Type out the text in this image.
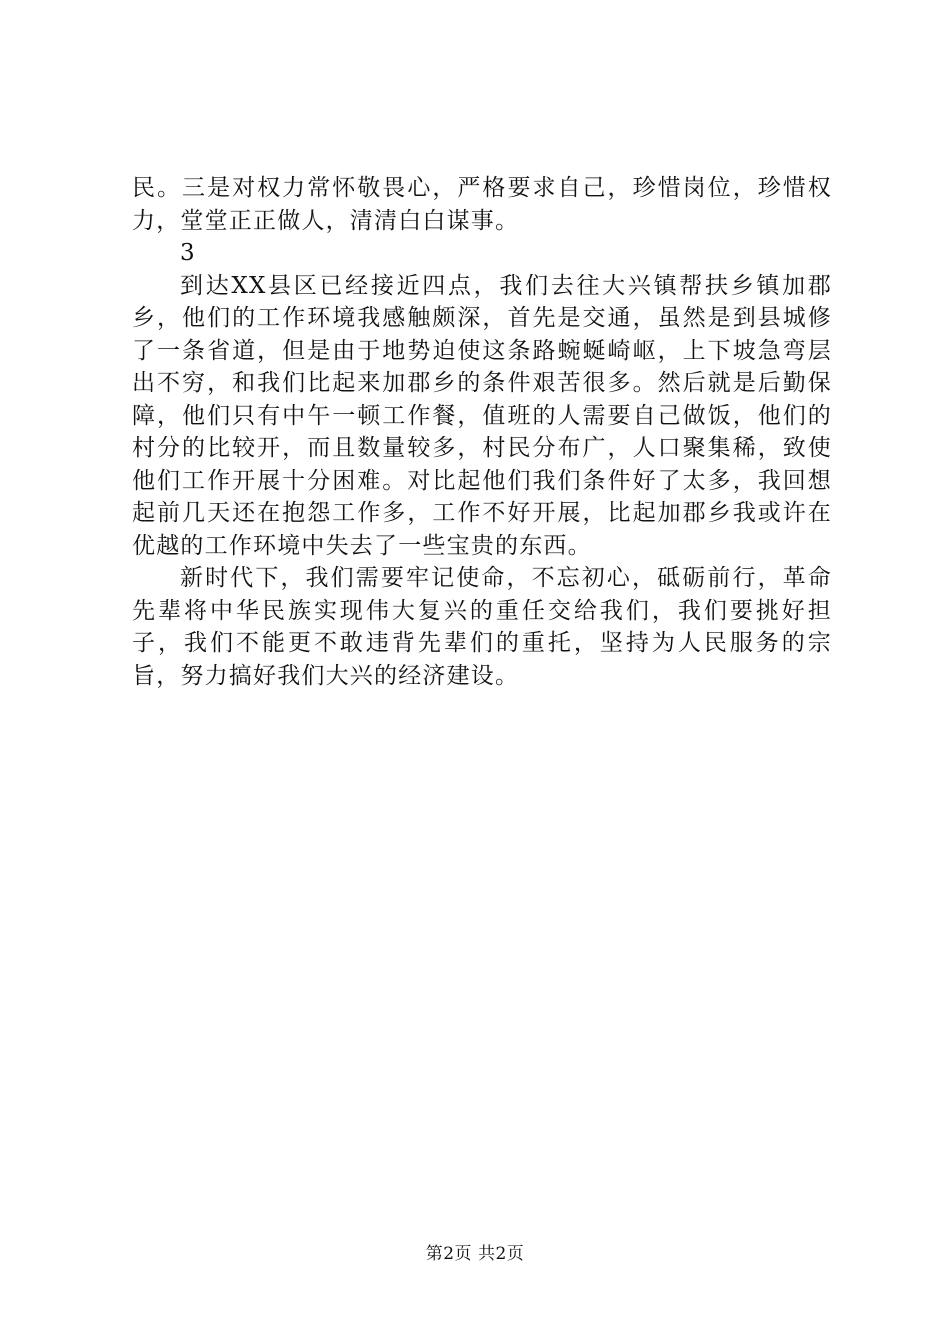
民。三是对权力常怀敬畏心，严格要求自己，珍惜岗位，珍惜权力，堂堂正正做人，清清白白谋事。

3

到达XX县区已经接近四点，我们去往大兴镇帮扶乡镇加郡乡，他们的工作环境我感触颇深，首先是交通，虽然是到县城修了一条省道，但是由于地势迫使这条路蜿蜒崎岖，上下坡急弯层出不穷，和我们比起来加郡乡的条件艰苦很多。然后就是后勤保障，他们只有中午一顿工作餐，值班的人需要自己做饭，他们的村分的比较开，而且数量较多，村民分布广，人口聚集稀，致使他们工作开展十分困难。对比起他们我们条件好了太多，我回想起前几天还在抱怨工作多，工作不好开展，比起加郡乡我或许在优越的工作环境中失去了一些宝贵的东西。

新时代下，我们需要牢记使命，不忘初心，砥砺前行，革命先辈将中华民族实现伟大复兴的重任交给我们，我们要挑好担子，我们不能更不敢违背先辈们的重托，坚持为人民服务的宗旨，努力搞好我们大兴的经济建设。

第2页 共2页
